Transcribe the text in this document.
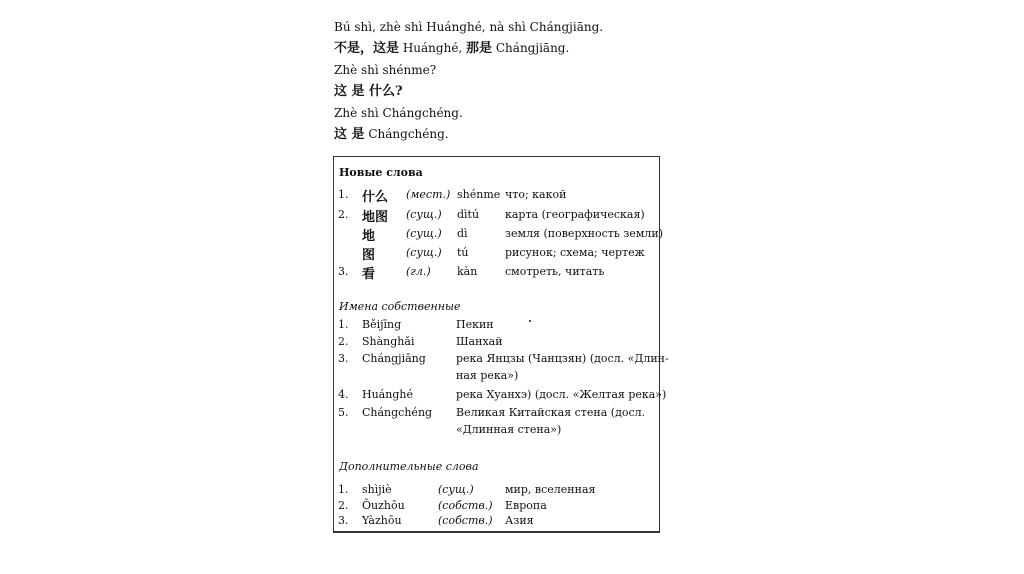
Bú shì, zhè shì Huánghé, nà shì Chángjiāng.
不是，这是 Huánghé, 那是 Chángjiāng.
Zhè shì shénme?
这 是 什么?
Zhè shì Chángchéng.
这 是 Chángchéng.
Новые слова
1. 什么 (мест.) shénme что; какой
2. 地图 (сущ.) dìtú карта (географическая)
地	(сущ.) dì	земля (поверхность земли)
图	(сущ.) tú	рисунок; схема; чертеж
3. 看	(гл.) kàn	смотреть, читать
Имена собственные
1. Běijīng	Пекин
2. Shànghǎi	Шанхай
3. Chángjiāng	река Янцзы (Чанцзян) (досл. «Длин-
ная река»)
4. Huánghé	река Хуанхэ) (досл. «Желтая река»)
5. Chángchéng Великая Китайская стена (досл.
«Длинная стена»)
Дополнительные слова
1. shìjiè	(сущ.)	мир, вселенная
2. Ōuzhōu	(собств.) Европа
3. Yàzhōu	(собств.) Азия
